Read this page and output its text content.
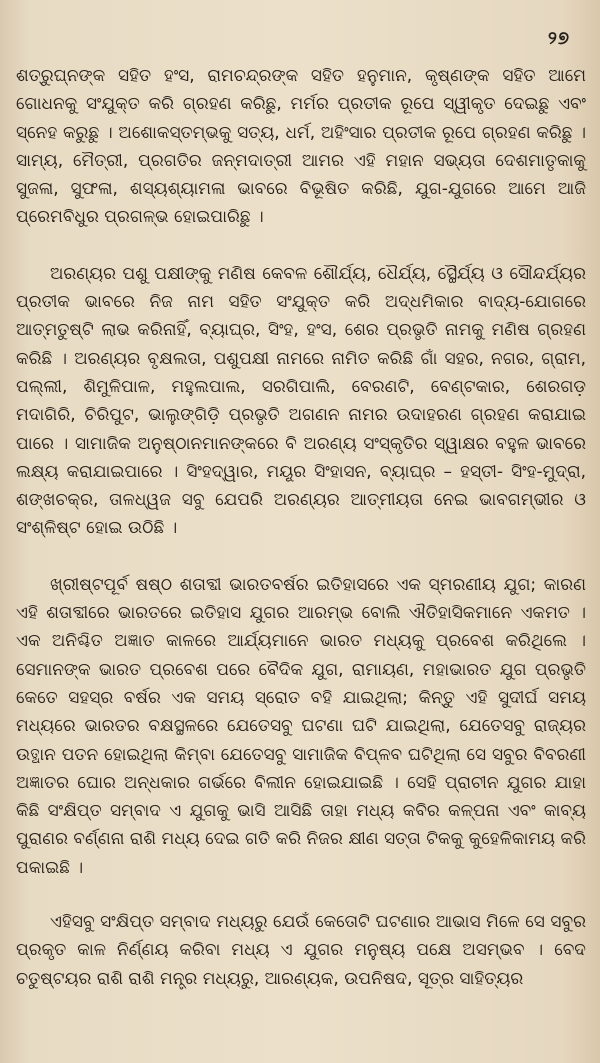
୨୭

ଶତ୍ରୁଘ୍ନଙ୍କ ସହିତ ହଂସ, ରାମଚନ୍ଦ୍ରଙ୍କ ସହିତ ହନୁମାନ, କୃଷ୍ଣଙ୍କ ସହିତ ଆମେ ଗୋଧନକୁ ସଂଯୁକ୍ତ କରି ଗ୍ରହଣ କରିଛୁ, ମର୍ମର ପ୍ରତୀକ ରୂପେ ସ୍ୱୀକୃତ ଦେଇଛୁ ଏବଂ ସ୍ନେହ କରୁଛୁ । ଅଶୋକସ୍ତମ୍ଭକୁ ସତ୍ୟ, ଧର୍ମ, ଅହିଂସାର ପ୍ରତୀକ ରୂପେ ଗ୍ରହଣ କରିଛୁ । ସାମ୍ୟ, ମୈତ୍ରୀ, ପ୍ରଗତିର ଜନ୍ମଦାତ୍ରୀ ଆମର ଏହି ମହାନ ସଭ୍ୟତା ଦେଶମାତୃକାକୁ ସୁଜଳା, ସୁଫଳା, ଶସ୍ୟଶ୍ୟାମଳା ଭାବରେ ବିଭୂଷିତ କରିଛି, ଯୁଗ-ଯୁଗରେ ଆମେ ଆଜି ପ୍ରେମବିଧୁର ପ୍ରଗଳ୍ଭ ହୋଇପାରିଛୁ ।

ଅରଣ୍ୟର ପଶୁ ପକ୍ଷୀଙ୍କୁ ମଣିଷ କେବଳ ଶୌର୍ଯ୍ୟ, ଧୈର୍ଯ୍ୟ, ସ୍ଥୈର୍ଯ୍ୟ ଓ ସୌନ୍ଦର୍ଯ୍ୟର ପ୍ରତୀକ ଭାବରେ ନିଜ ନାମ ସହିତ ସଂଯୁକ୍ତ କରି ଅଦ୍ଧମିକାର ବାଦ୍ୟ-ଯୋଗରେ ଆତ୍ମତୁଷ୍ଟି ଲାଭ କରିନାହିଁ, ବ୍ୟାଘ୍ର, ସିଂହ, ହଂସ, ଶେର ପ୍ରଭୃତି ନାମକୁ ମଣିଷ ଗ୍ରହଣ କରିଛି । ଅରଣ୍ୟର ବୃକ୍ଷଲତା, ପଶୁପକ୍ଷୀ ନାମରେ ନାମିତ କରିଛି ଗାଁ ସହର, ନଗର, ଗ୍ରାମ, ପଲ୍ଲୀ, ଶିମୁଳିପାଳ, ମହୁଲପାଲ, ସରଗିପାଲି, ବେରଣଟି, ବେଣ୍ଟକାର, ଶେରଗଡ଼ ମଦାଗିରି, ଚିରିପୁଟ, ଭାଲୁଙ୍ଗିଡ଼ି ପ୍ରଭୃତି ଅଗଣନ ନାମର ଉଦାହରଣ ଗ୍ରହଣ କରାଯାଇ ପାରେ । ସାମାଜିକ ଅନୁଷ୍ଠାନମାନଙ୍କରେ ବି ଅରଣ୍ୟ ସଂସ୍କୃତିର ସ୍ୱାକ୍ଷର ବହୁଳ ଭାବରେ ଲକ୍ଷ୍ୟ କରାଯାଇପାରେ । ସିଂହଦ୍ୱାର, ମୟୂର ସିଂହାସନ, ବ୍ୟାଘ୍ର – ହସ୍ତୀ- ସିଂହ-ମୁଦ୍ରା, ଶଙ୍ଖଚକ୍ର, ତାଳଧ୍ୱଜ ସବୁ ଯେପରି ଅରଣ୍ୟର ଆତ୍ମୀୟତା ନେଇ ଭାବଗମ୍ଭୀର ଓ ସଂଶ୍ଳିଷ୍ଟ ହୋଇ ଉଠିଛି ।

ଖ୍ରୀଷ୍ଟପୂର୍ବ ଷଷ୍ଠ ଶତାବ୍ଦୀ ଭାରତବର୍ଷର ଇତିହାସରେ ଏକ ସ୍ମରଣୀୟ ଯୁଗ; କାରଣ ଏହି ଶତାବ୍ଦୀରେ ଭାରତରେ ଇତିହାସ ଯୁଗର ଆରମ୍ଭ ବୋଲି ଐତିହାସିକମାନେ ଏକମତ । ଏକ ଅନିଶ୍ଚିତ ଅଜ୍ଞାତ କାଳରେ ଆର୍ଯ୍ୟମାନେ ଭାରତ ମଧ୍ୟକୁ ପ୍ରବେଶ କରିଥିଲେ । ସେମାନଙ୍କ ଭାରତ ପ୍ରବେଶ ପରେ ବୈଦିକ ଯୁଗ, ରାମାୟଣ, ମହାଭାରତ ଯୁଗ ପ୍ରଭୃତି କେତେ ସହସ୍ର ବର୍ଷର ଏକ ସମୟ ସ୍ରୋତ ବହି ଯାଇଥିଲା; କିନ୍ତୁ ଏହି ସୁଦୀର୍ଘ ସମୟ ମଧ୍ୟରେ ଭାରତର ବକ୍ଷସ୍ଥଳରେ ଯେତେସବୁ ଘଟଣା ଘଟି ଯାଇଥିଲା, ଯେତେସବୁ ରାଜ୍ୟର ଉତ୍ଥାନ ପତନ ହୋଇଥିଲା କିମ୍ବା ଯେତେସବୁ ସାମାଜିକ ବିପ୍ଳବ ଘଟିଥିଲା ସେ ସବୁର ବିବରଣୀ ଅଜ୍ଞାତର ଘୋର ଅନ୍ଧକାର ଗର୍ଭରେ ବିଲୀନ ହୋଇଯାଇଛି । ସେହି ପ୍ରାଚୀନ ଯୁଗର ଯାହା କିଛି ସଂକ୍ଷିପ୍ତ ସମ୍ବାଦ ଏ ଯୁଗକୁ ଭାସି ଆସିଛି ତାହା ମଧ୍ୟ କବିର କଳ୍ପନା ଏବଂ କାବ୍ୟ ପୁରାଣର ବର୍ଣ୍ଣନା ରାଶି ମଧ୍ୟ ଦେଇ ଗତି କରି ନିଜର କ୍ଷୀଣ ସତ୍ତା ଟିକକୁ କୁହେଳିକାମୟ କରି ପକାଇଛି ।

ଏହିସବୁ ସଂକ୍ଷିପ୍ତ ସମ୍ବାଦ ମଧ୍ୟରୁ ଯେଉଁ କେତୋଟି ଘଟଣାର ଆଭାସ ମିଳେ ସେ ସବୁର ପ୍ରକୃତ କାଳ ନିର୍ଣ୍ଣୟ କରିବା ମଧ୍ୟ ଏ ଯୁଗର ମନୁଷ୍ୟ ପକ୍ଷେ ଅସମ୍ଭବ । ବେଦ ଚତୁଷ୍ଟୟର ରାଶି ରାଶି ମନ୍ତ୍ର ମଧ୍ୟରୁ, ଆରଣ୍ୟକ, ଉପନିଷଦ, ସୂତ୍ର ସାହିତ୍ୟର
